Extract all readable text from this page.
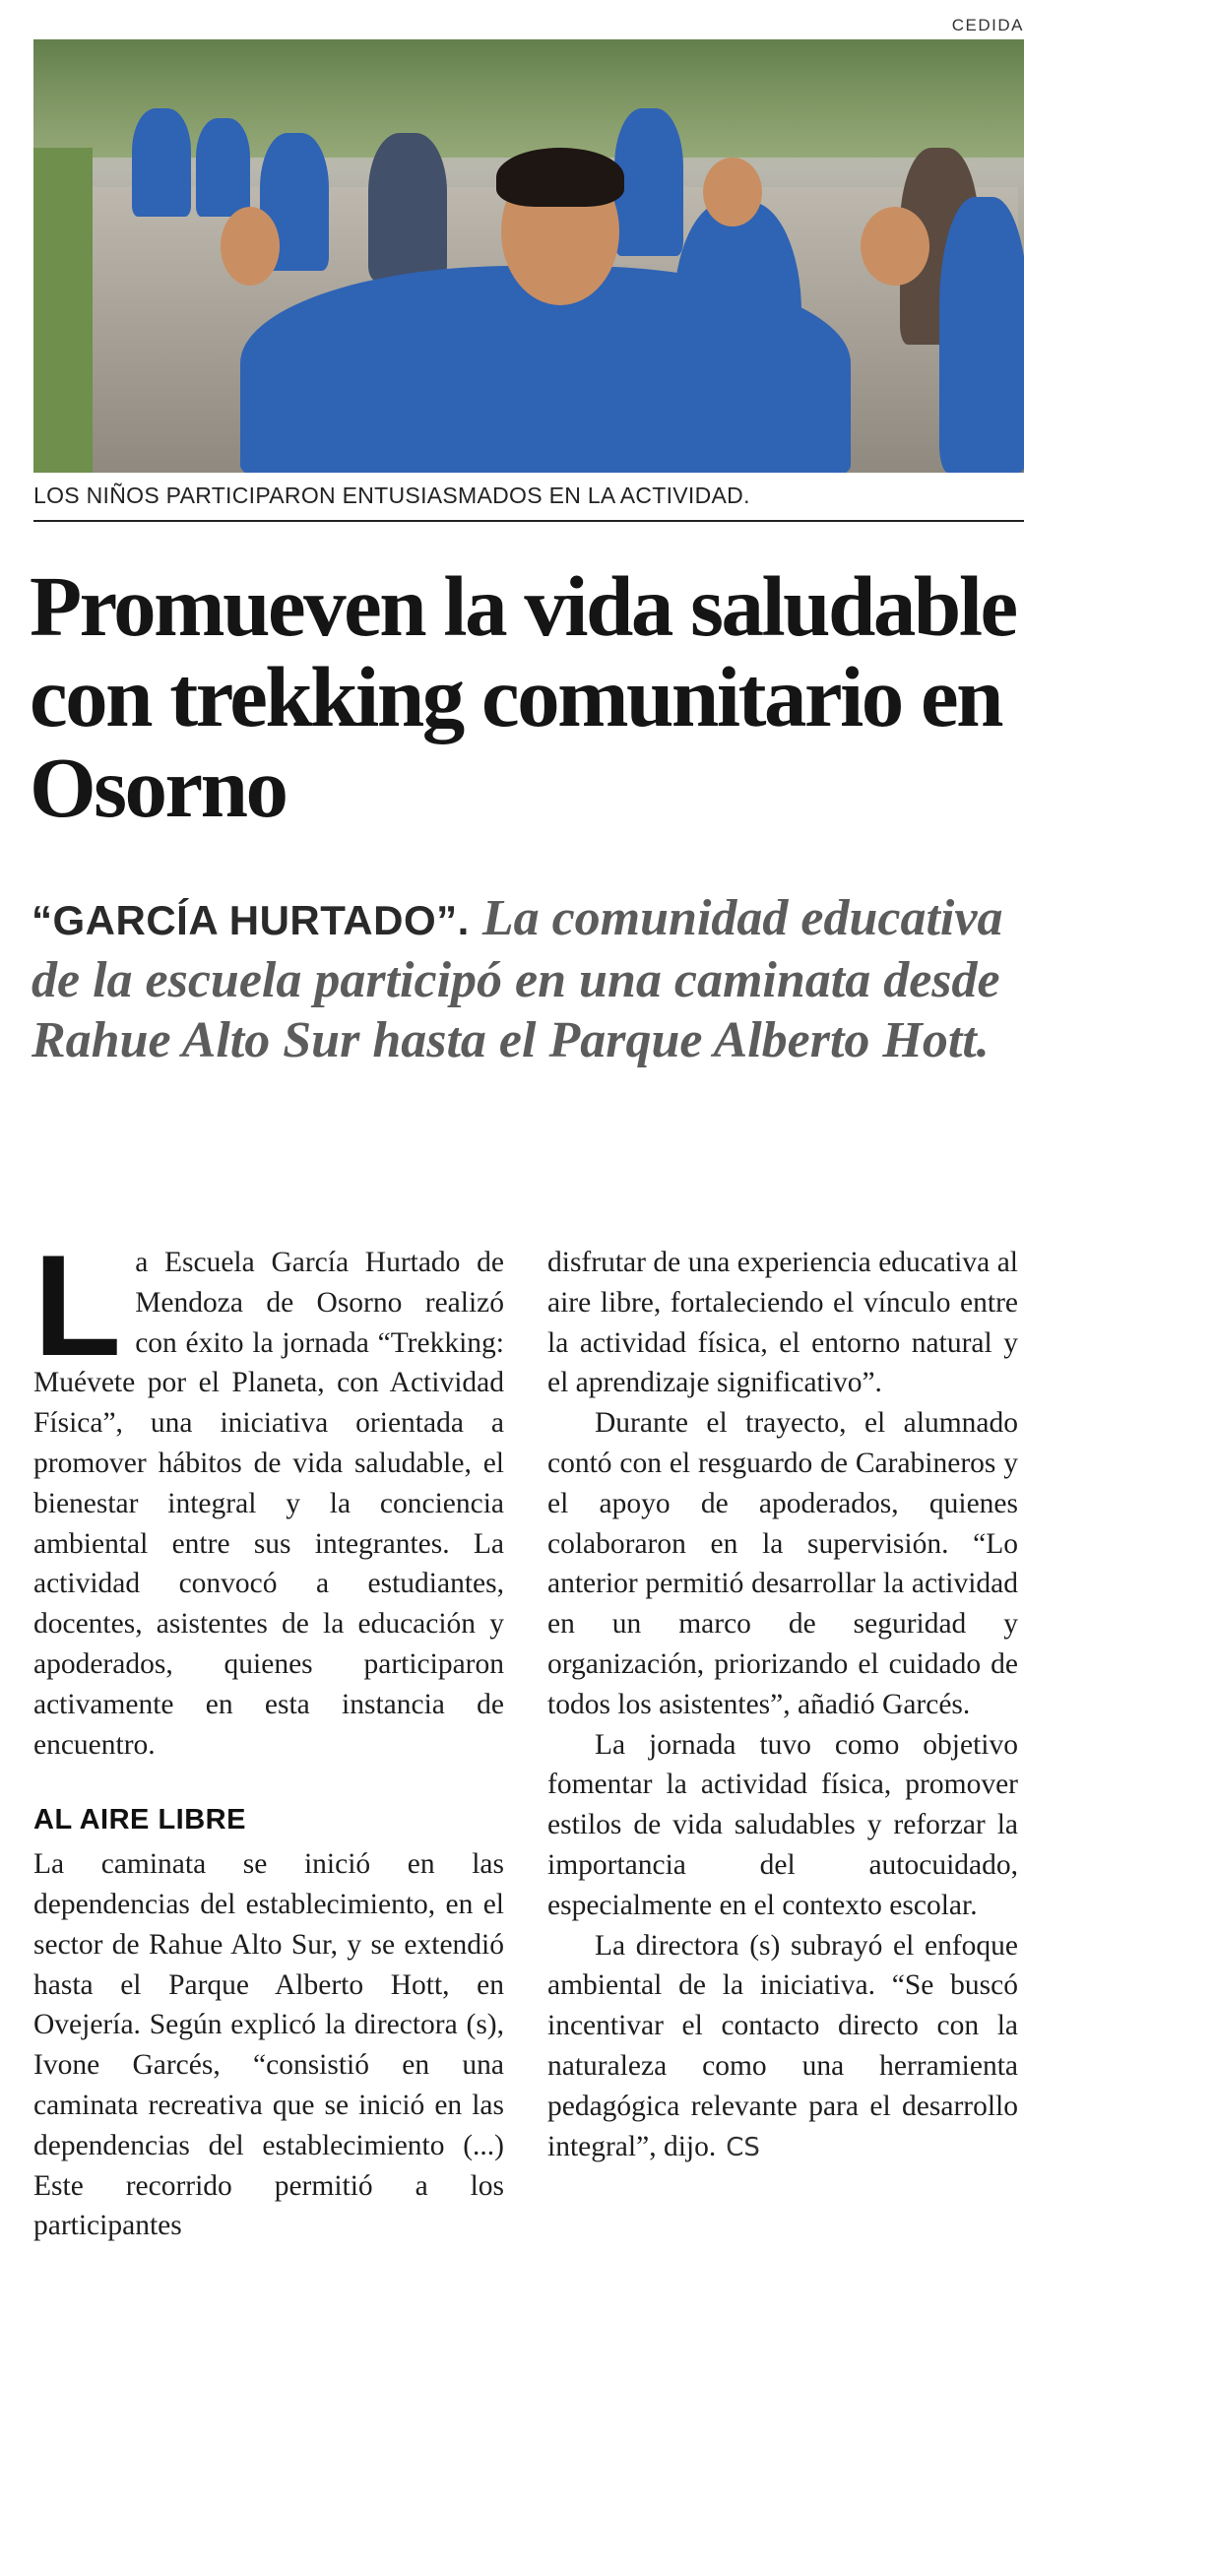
CEDIDA
LOS NIÑOS PARTICIPARON ENTUSIASMADOS EN LA ACTIVIDAD.
Promueven la vida saludable con trekking comunitario en Osorno

“GARCÍA HURTADO”. La comunidad educativa de la escuela participó en una caminata desde Rahue Alto Sur hasta el Parque Alberto Hott.

L a Escuela García Hurtado de Mendoza de Osorno realizó con éxito la jornada “Trekking: Muévete por el Planeta, con Actividad Física”, una iniciativa orientada a promover hábitos de vida saludable, el bienestar integral y la conciencia ambiental entre sus integrantes. La actividad convocó a estudiantes, docentes, asistentes de la educación y apoderados, quienes participaron activamente en esta instancia de encuentro.

AL AIRE LIBRE

La caminata se inició en las dependencias del establecimiento, en el sector de Rahue Alto Sur, y se extendió hasta el Parque Alberto Hott, en Ovejería. Según explicó la directora (s), Ivone Garcés, “consistió en una caminata recreativa que se inició en las dependencias del establecimiento (...) Este recorrido permitió a los participantes

disfrutar de una experiencia educativa al aire libre, fortaleciendo el vínculo entre la actividad física, el entorno natural y el aprendizaje significativo”.

Durante el trayecto, el alumnado contó con el resguardo de Carabineros y el apoyo de apoderados, quienes colaboraron en la supervisión. “Lo anterior permitió desarrollar la actividad en un marco de seguridad y organización, priorizando el cuidado de todos los asistentes”, añadió Garcés.

La jornada tuvo como objetivo fomentar la actividad física, promover estilos de vida saludables y reforzar la importancia del autocuidado, especialmente en el contexto escolar.

La directora (s) subrayó el enfoque ambiental de la iniciativa. “Se buscó incentivar el contacto directo con la naturaleza como una herramienta pedagógica relevante para el desarrollo integral”, dijo. CS
